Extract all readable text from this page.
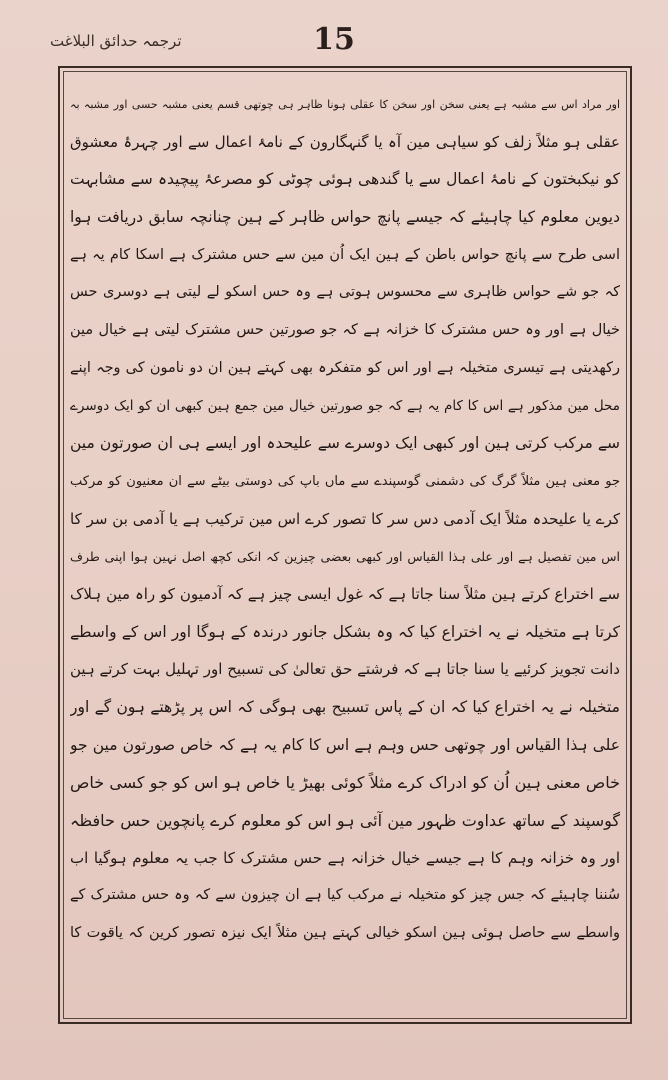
ترجمہ حدائق البلاغت	15
اور مراد اس سے مشبہ ہے یعنی سخن اور سخن کا عقلی ہونا ظاہر ہی چوتھی قسم یعنی مشبہ حسی اور مشبہ بہ
عقلی ہو مثلاً زلف کو سیاہی مین آہ یا گنہگارون کے نامۂ اعمال سے اور چہرۂ معشوق
کو نیکبختون کے نامۂ اعمال سے یا گندھی ہوئی چوٹی کو مصرعۂ پیچیدہ سے مشابہت
دیوین معلوم کیا چاہیئے کہ جیسے پانچ حواس ظاہر کے ہین چنانچہ سابق دریافت ہوا
اسی طرح سے پانچ حواس باطن کے ہین ایک اُن مین سے حس مشترک ہے اسکا کام یہ ہے
کہ جو شے حواس ظاہری سے محسوس ہوتی ہے وہ حس اسکو لے لیتی ہے دوسری حس
خیال ہے اور وہ حس مشترک کا خزانہ ہے کہ جو صورتین حس مشترک لیتی ہے خیال مین
رکھدیتی ہے تیسری متخیلہ ہے اور اس کو متفکرہ بھی کہتے ہین ان دو نامون کی وجہ اپنے
محل مین مذکور ہے اس کا کام یہ ہے کہ جو صورتین خیال مین جمع ہین کبھی ان کو ایک دوسرے
سے مرکب کرتی ہین اور کبھی ایک دوسرے سے علیحدہ اور ایسے ہی ان صورتون مین
جو معنی ہین مثلاً گرگ کی دشمنی گوسپندے سے ماں باپ کی دوستی بیٹے سے ان معنیون کو مرکب
کرے یا علیحدہ مثلاً ایک آدمی دس سر کا تصور کرے اس مین ترکیب ہے یا آدمی بن سر کا
اس مین تفصیل ہے اور علی ہذا القیاس اور کبھی بعضی چیزین کہ انکی کچھ اصل نہین ہوا اپنی طرف
سے اختراع کرتے ہین مثلاً سنا جاتا ہے کہ غول ایسی چیز ہے کہ آدمیون کو راہ مین ہلاک
کرتا ہے متخیلہ نے یہ اختراع کیا کہ وہ بشکل جانور درندہ کے ہوگا اور اس کے واسطے
دانت تجویز کرئیے یا سنا جاتا ہے کہ فرشتے حق تعالیٰ کی تسبیح اور تہلیل بہت کرتے ہین
متخیلہ نے یہ اختراع کیا کہ ان کے پاس تسبیح بھی ہوگی کہ اس پر پڑھتے ہون گے اور
علی ہذا القیاس اور چوتھی حس وہم ہے اس کا کام یہ ہے کہ خاص صورتون مین جو
خاص معنی ہین اُن کو ادراک کرے مثلاً کوئی بھیڑ یا خاص ہو اس کو جو کسی خاص
گوسپند کے ساتھ عداوت ظہور مین آئی ہو اس کو معلوم کرے پانچوین حس حافظہ
اور وہ خزانہ وہم کا ہے جیسے خیال خزانہ ہے حس مشترک کا جب یہ معلوم ہوگیا اب
سُننا چاہیئے کہ جس چیز کو متخیلہ نے مرکب کیا ہے ان چیزون سے کہ وہ حس مشترک کے
واسطے سے حاصل ہوئی ہین اسکو خیالی کہتے ہین مثلاً ایک نیزہ تصور کرین کہ یاقوت کا
